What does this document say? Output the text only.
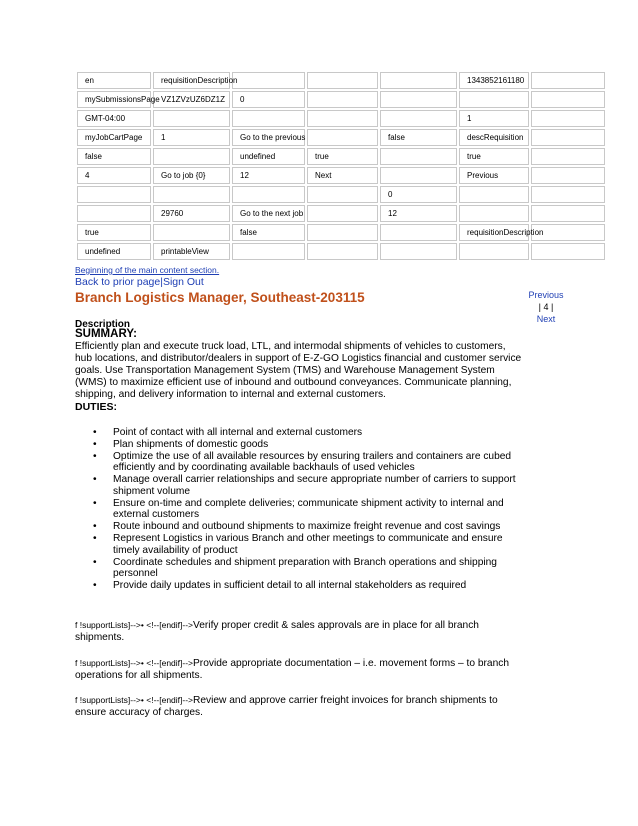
en	requisitionDescription				1343852161180	
mySubmissionsPage	VZ1ZVzUZ6DZ1Z	0				
GMT-04:00					1	
myJobCartPage	1	Go to the previous		false	descRequisition	
false		undefined	true		true	
4	Go to job {0}	12	Next		Previous	
				0		
	29760	Go to the next job		12		
true		false			requisitionDescription	
undefined	printableView					
Beginning of the main content section.
Back to prior page|Sign Out
Branch Logistics Manager, Southeast-203115	Previous
| 4 |
Next
Description
SUMMARY:

Efficiently plan and execute truck load, LTL, and intermodal shipments of vehicles to customers, hub locations, and distributor/dealers in support of E-Z-GO Logistics financial and customer service goals. Use Transportation Management System (TMS) and Warehouse Management System (WMS) to maximize efficient use of inbound and outbound conveyances. Communicate planning, shipping, and delivery information to internal and external customers.

DUTIES:
• Point of contact with all internal and external customers
• Plan shipments of domestic goods
• Optimize the use of all available resources by ensuring trailers and containers are cubed efficiently and by coordinating available backhauls of used vehicles
• Manage overall carrier relationships and secure appropriate number of carriers to support shipment volume
• Ensure on-time and complete deliveries; communicate shipment activity to internal and external customers
• Route inbound and outbound shipments to maximize freight revenue and cost savings
• Represent Logistics in various Branch and other meetings to communicate and ensure timely availability of product
• Coordinate schedules and shipment preparation with Branch operations and shipping personnel
• Provide daily updates in sufficient detail to all internal stakeholders as required

f !supportLists]-->• <!--[endif]-->Verify proper credit & sales approvals are in place for all branch shipments.

f !supportLists]-->• <!--[endif]-->Provide appropriate documentation – i.e. movement forms – to branch operations for all shipments.

f !supportLists]-->• <!--[endif]-->Review and approve carrier freight invoices for branch shipments to ensure accuracy of charges.
